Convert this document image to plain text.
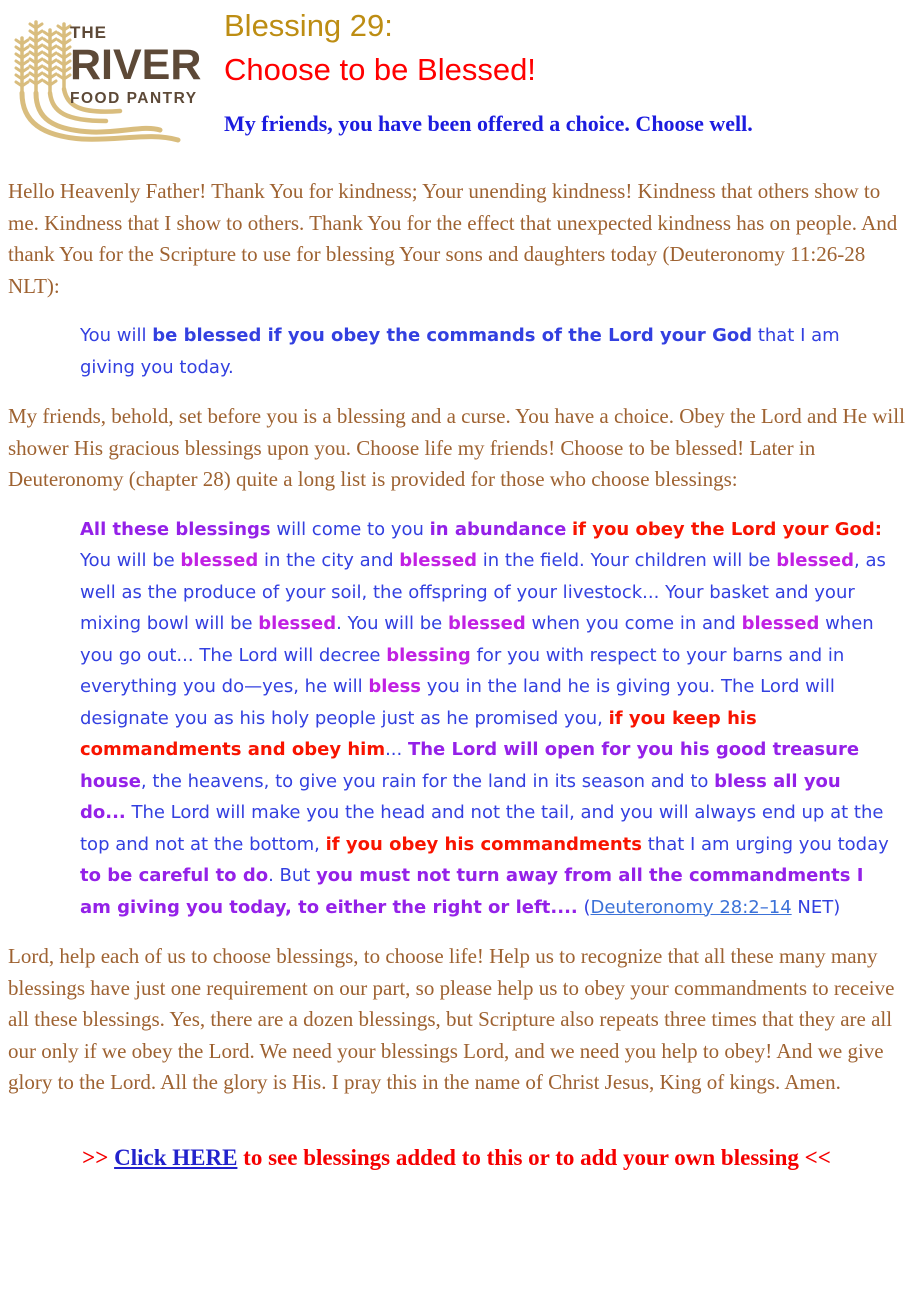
THE
RIVER
FOOD PANTRY
Blessing 29:
Choose to be Blessed!

My friends, you have been offered a choice. Choose well.

Hello Heavenly Father! Thank You for kindness; Your unending kindness! Kindness that others show to me. Kindness that I show to others. Thank You for the effect that unexpected kindness has on people. And thank You for the Scripture to use for blessing Your sons and daughters today (Deuteronomy 11:26-28 NLT):

You will be blessed if you obey the commands of the Lord your God that I am giving you today.

My friends, behold, set before you is a blessing and a curse. You have a choice. Obey the Lord and He will shower His gracious blessings upon you. Choose life my friends! Choose to be blessed! Later in Deuteronomy (chapter 28) quite a long list is provided for those who choose blessings:

All these blessings will come to you in abundance if you obey the Lord your God: You will be blessed in the city and blessed in the field. Your children will be blessed, as well as the produce of your soil, the offspring of your livestock... Your basket and your mixing bowl will be blessed. You will be blessed when you come in and blessed when you go out... The Lord will decree blessing for you with respect to your barns and in everything you do—yes, he will bless you in the land he is giving you. The Lord will designate you as his holy people just as he promised you, if you keep his commandments and obey him... The Lord will open for you his good treasure house, the heavens, to give you rain for the land in its season and to bless all you do... The Lord will make you the head and not the tail, and you will always end up at the top and not at the bottom, if you obey his commandments that I am urging you today to be careful to do. But you must not turn away from all the commandments I am giving you today, to either the right or left.... (Deuteronomy 28:2–14 NET)

Lord, help each of us to choose blessings, to choose life! Help us to recognize that all these many many blessings have just one requirement on our part, so please help us to obey your commandments to receive all these blessings. Yes, there are a dozen blessings, but Scripture also repeats three times that they are all our only if we obey the Lord. We need your blessings Lord, and we need you help to obey! And we give glory to the Lord. All the glory is His. I pray this in the name of Christ Jesus, King of kings. Amen.

>> Click HERE to see blessings added to this or to add your own blessing <<
